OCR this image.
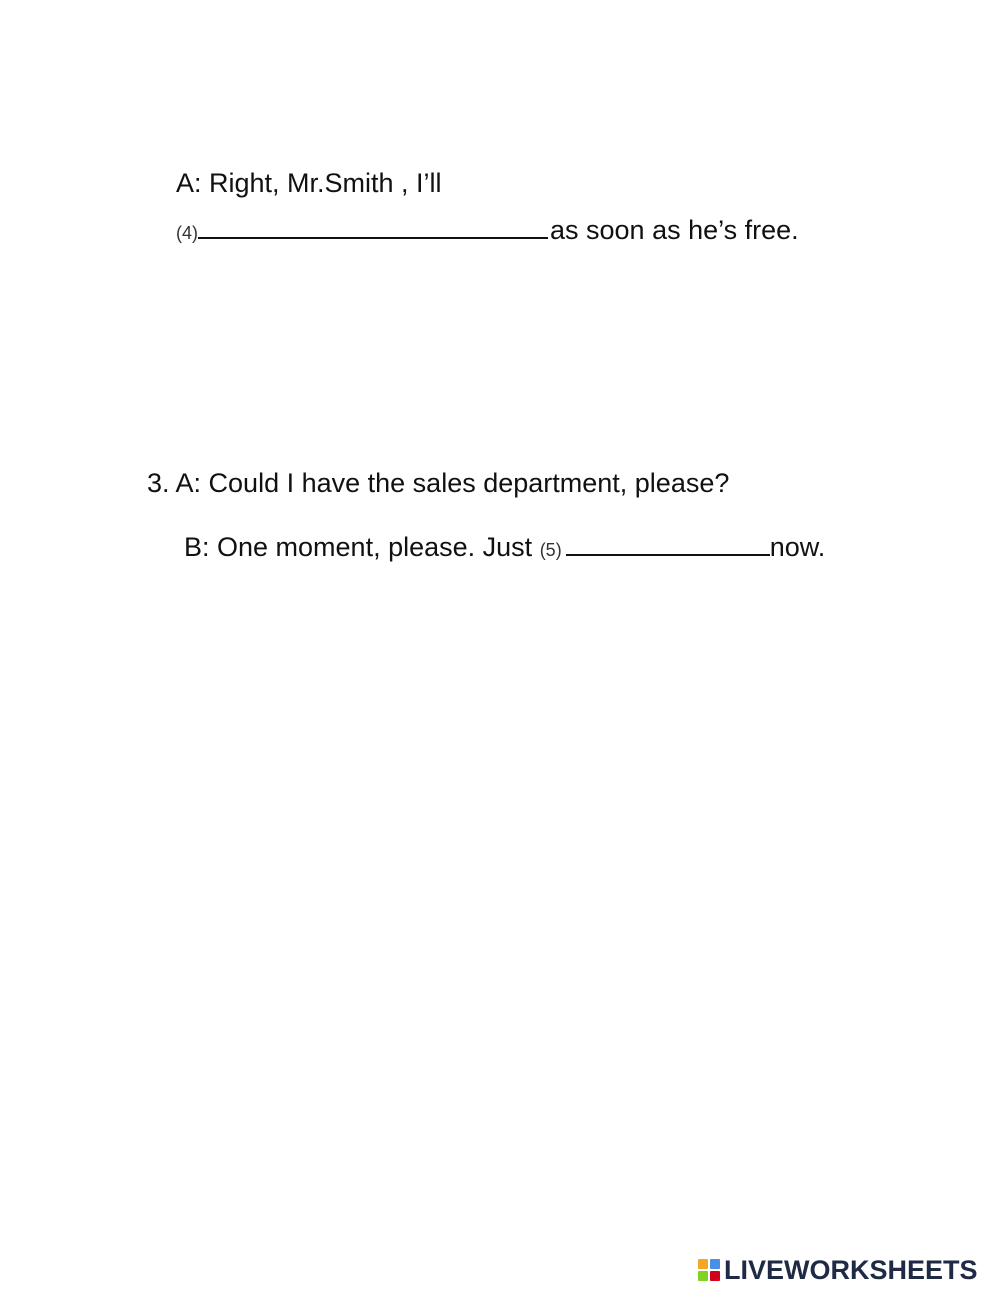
A: Right, Mr.Smith , I’ll
(4)	as soon as he’s free.
3. A: Could I have the sales department, please?
B: One moment, please. Just (5)	now.
LIVEWORKSHEETS
